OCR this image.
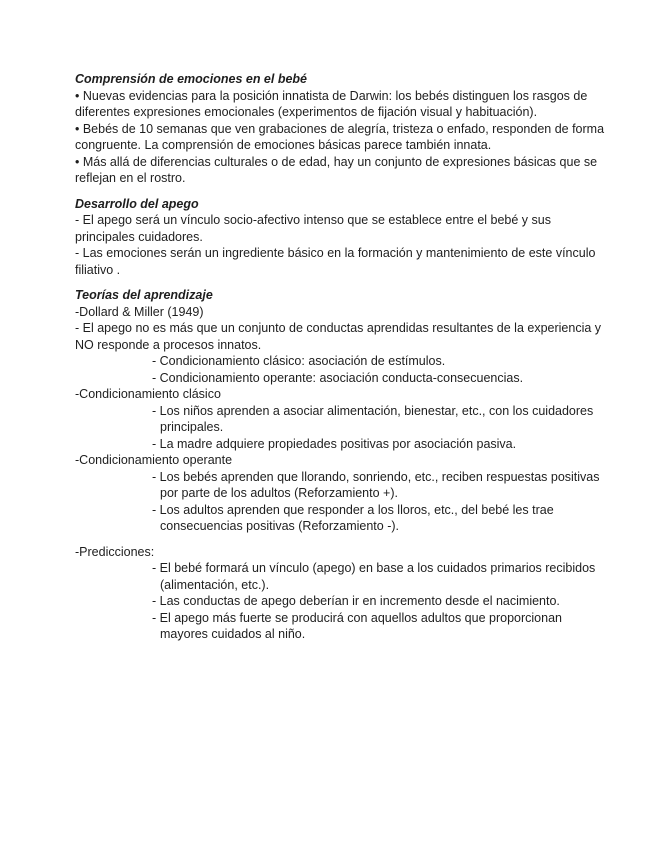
Comprensión de emociones en el bebé
• Nuevas evidencias para la posición innatista de Darwin: los bebés distinguen los rasgos de
diferentes expresiones emocionales (experimentos de fijación visual y habituación).
• Bebés de 10 semanas que ven grabaciones de alegría, tristeza o enfado, responden de forma
congruente. La comprensión de emociones básicas parece también innata.
• Más allá de diferencias culturales o de edad, hay un conjunto de expresiones básicas que se
reflejan en el rostro.
Desarrollo del apego
- El apego será un vínculo socio-afectivo intenso que se establece entre el bebé y sus
principales cuidadores.
- Las emociones serán un ingrediente básico en la formación y mantenimiento de este vínculo
filiativo .
Teorías del aprendizaje
-Dollard & Miller (1949)
- El apego no es más que un conjunto de conductas aprendidas resultantes de la experiencia y
NO responde a procesos innatos.
- Condicionamiento clásico: asociación de estímulos.
- Condicionamiento operante: asociación conducta-consecuencias.
-Condicionamiento clásico
- Los niños aprenden a asociar alimentación, bienestar, etc., con los cuidadores
principales.
- La madre adquiere propiedades positivas por asociación pasiva.
-Condicionamiento operante
- Los bebés aprenden que llorando, sonriendo, etc., reciben respuestas positivas
por parte de los adultos (Reforzamiento +).
- Los adultos aprenden que responder a los lloros, etc., del bebé les trae
consecuencias positivas (Reforzamiento -).
-Predicciones:
- El bebé formará un vínculo (apego) en base a los cuidados primarios recibidos
(alimentación, etc.).
- Las conductas de apego deberían ir en incremento desde el nacimiento.
- El apego más fuerte se producirá con aquellos adultos que proporcionan
mayores cuidados al niño.
